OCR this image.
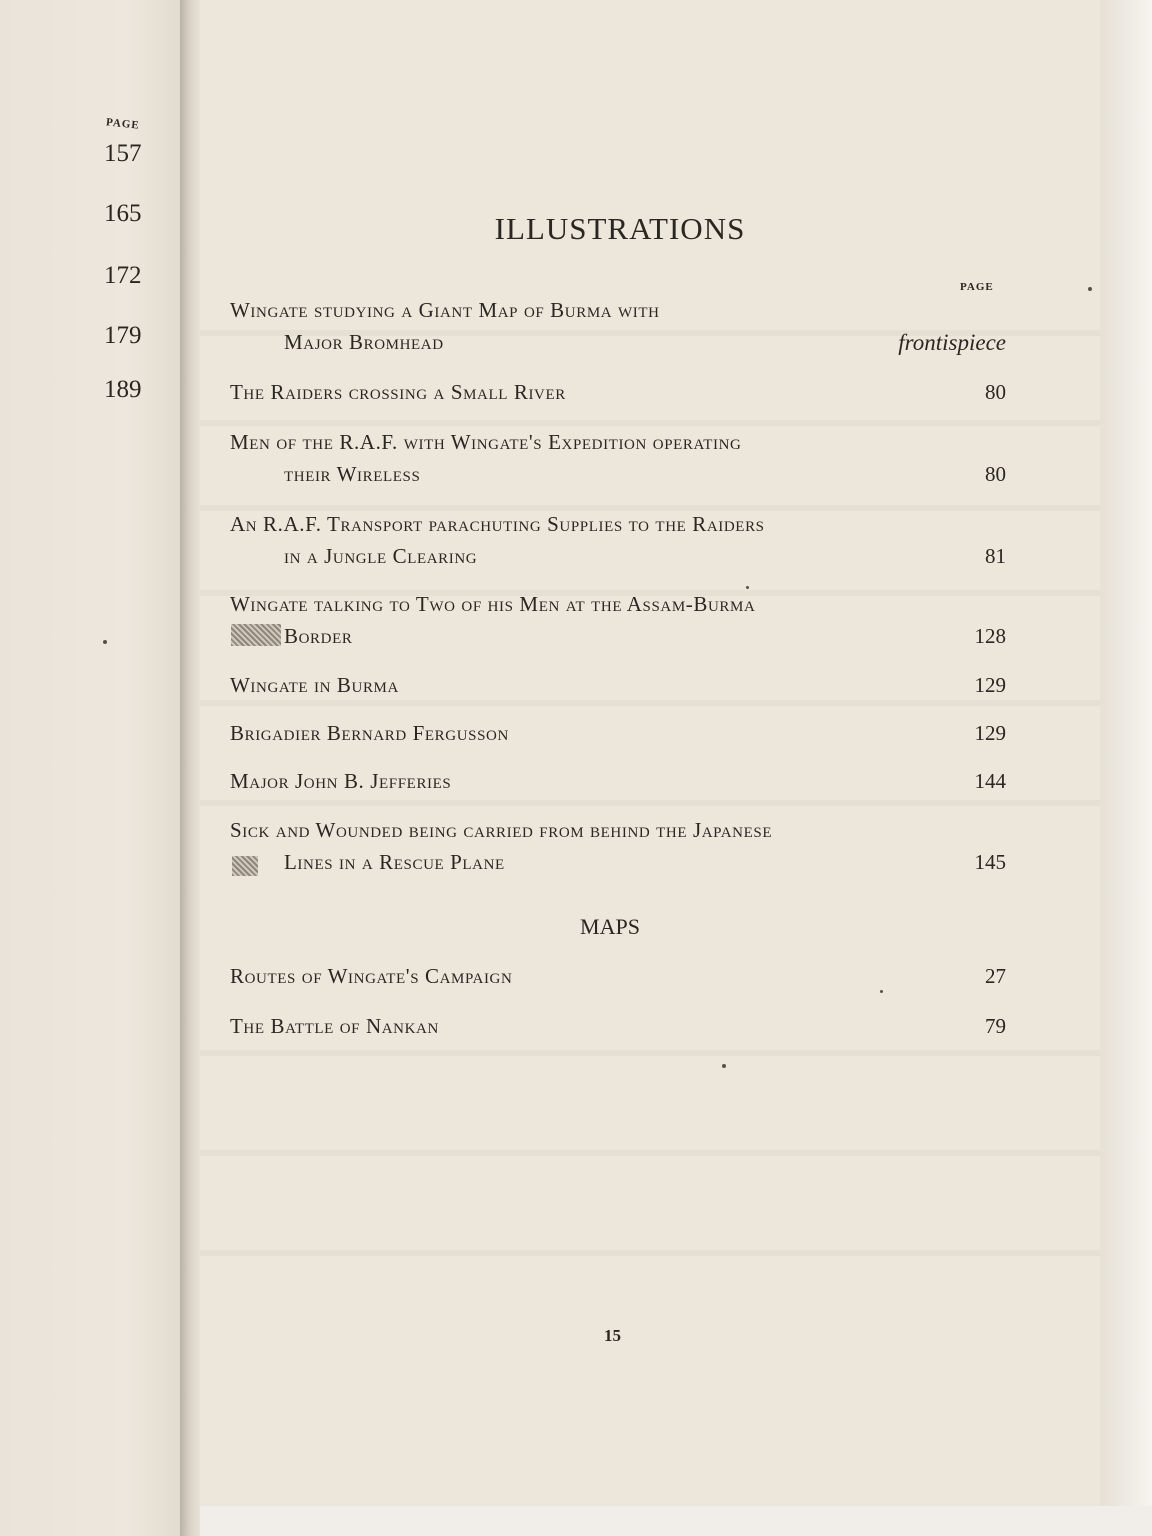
PAGE
157
165
172
179
189
ILLUSTRATIONS
PAGE
Wingate studying a Giant Map of Burma with
Major Bromhead	frontispiece
The Raiders crossing a Small River	80
Men of the R.A.F. with Wingate's Expedition operating
their Wireless	80
An R.A.F. Transport parachuting Supplies to the Raiders
in a Jungle Clearing	81
Wingate talking to Two of his Men at the Assam-Burma
Border	128
Wingate in Burma	129
Brigadier Bernard Fergusson	129
Major John B. Jefferies	144
Sick and Wounded being carried from behind the Japanese
Lines in a Rescue Plane	145
MAPS
Routes of Wingate's Campaign	27
The Battle of Nankan	79
15
